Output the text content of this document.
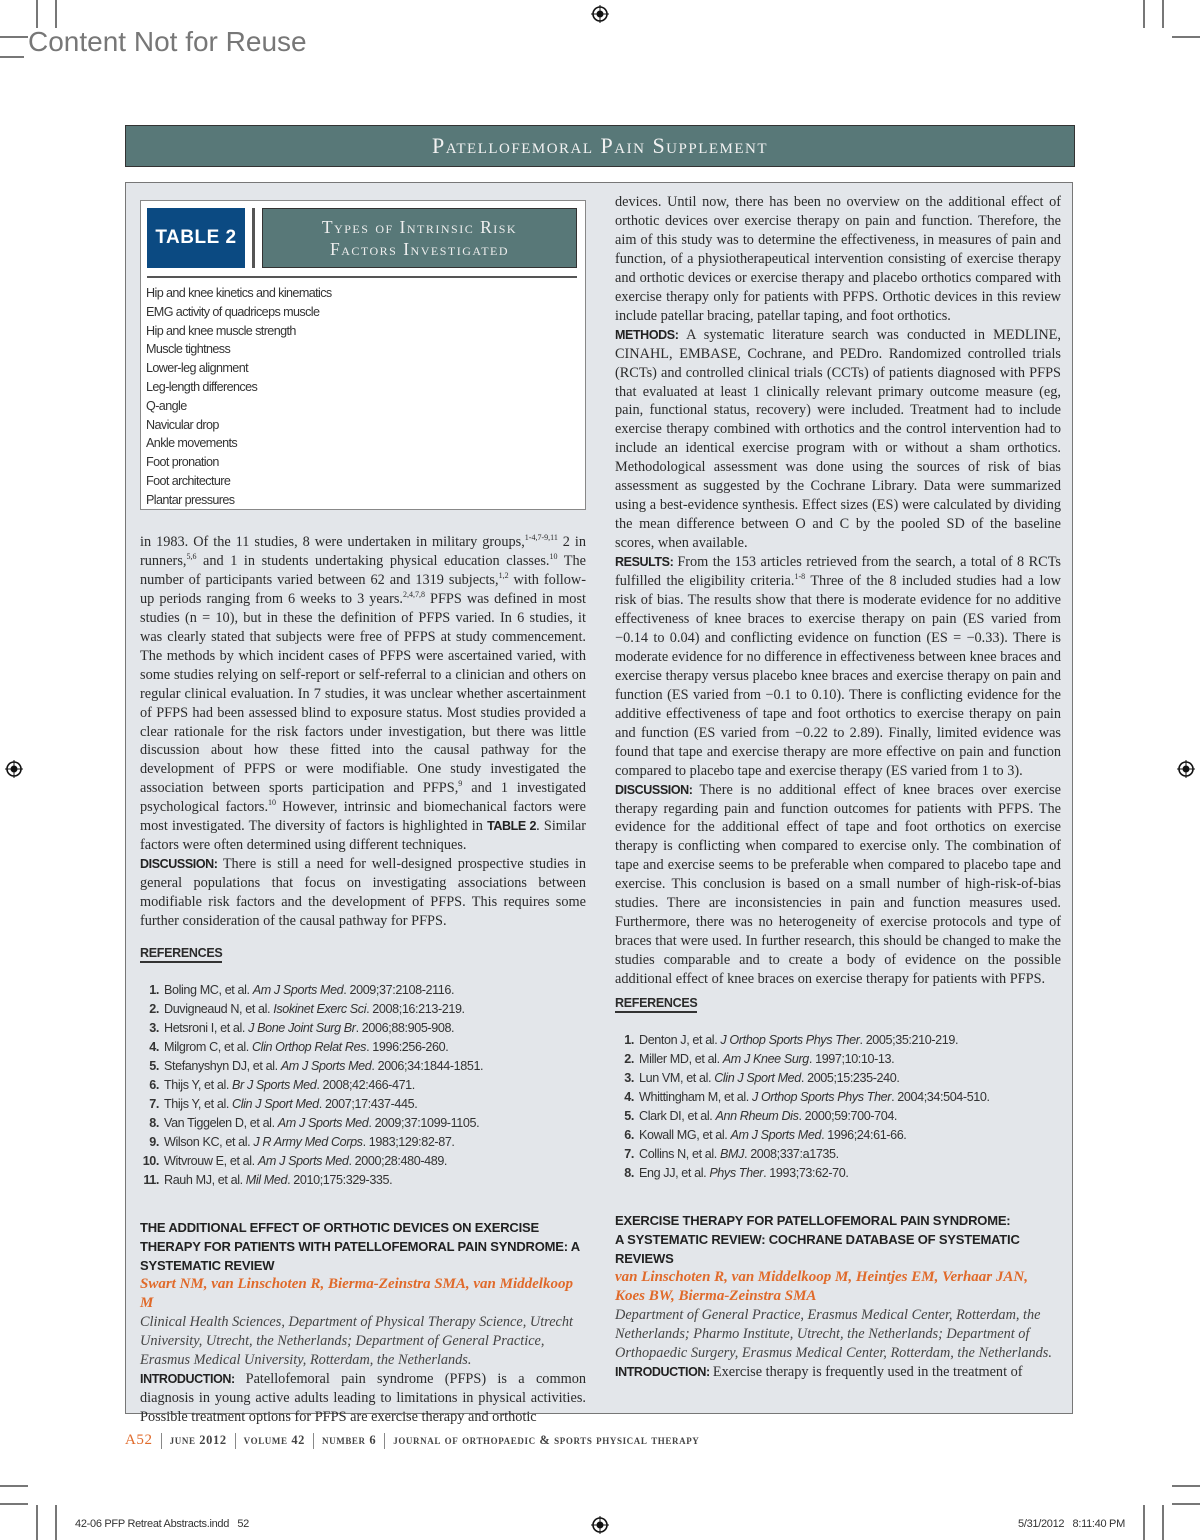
Content Not for Reuse
Patellofemoral Pain Supplement
TABLE 2	Types of Intrinsic Risk
Factors Investigated
Hip and knee kinetics and kinematics
EMG activity of quadriceps muscle
Hip and knee muscle strength
Muscle tightness
Lower-leg alignment
Leg-length differences
Q-angle
Navicular drop
Ankle movements
Foot pronation
Foot architecture
Plantar pressures

in 1983. Of the 11 studies, 8 were undertaken in military groups,$^{1-4,7-9,11}$ 2 in runners,$^{5,6}$ and 1 in students undertaking physical education classes.$^{10}$ The number of participants varied between 62 and 1319 subjects,$^{1,2}$ with follow-up periods ranging from 6 weeks to 3 years.$^{2,4,7,8}$ PFPS was defined in most studies (n = 10), but in these the definition of PFPS varied. In 6 studies, it was clearly stated that subjects were free of PFPS at study commencement. The methods by which incident cases of PFPS were ascertained varied, with some studies relying on self-report or self-referral to a clinician and others on regular clinical evaluation. In 7 studies, it was unclear whether ascertainment of PFPS had been assessed blind to exposure status. Most studies provided a clear rationale for the risk factors under investigation, but there was little discussion about how these fitted into the causal pathway for the development of PFPS or were modifiable. One study investigated the association between sports participation and PFPS,$^9$ and 1 investigated psychological factors.$^{10}$ However, intrinsic and biomechanical factors were most investigated. The diversity of factors is highlighted in TABLE 2. Similar factors were often determined using different techniques.

DISCUSSION: There is still a need for well-designed prospective studies in general populations that focus on investigating associations between modifiable risk factors and the development of PFPS. This requires some further consideration of the causal pathway for PFPS.

REFERENCES
1. Boling MC, et al. Am J Sports Med. 2009;37:2108-2116.
2. Duvigneaud N, et al. Isokinet Exerc Sci. 2008;16:213-219.
3. Hetsroni I, et al. J Bone Joint Surg Br. 2006;88:905-908.
4. Milgrom C, et al. Clin Orthop Relat Res. 1996:256-260.
5. Stefanyshyn DJ, et al. Am J Sports Med. 2006;34:1844-1851.
6. Thijs Y, et al. Br J Sports Med. 2008;42:466-471.
7. Thijs Y, et al. Clin J Sport Med. 2007;17:437-445.
8. Van Tiggelen D, et al. Am J Sports Med. 2009;37:1099-1105.
9. Wilson KC, et al. J R Army Med Corps. 1983;129:82-87.
10. Witvrouw E, et al. Am J Sports Med. 2000;28:480-489.
11. Rauh MJ, et al. Mil Med. 2010;175:329-335.
THE ADDITIONAL EFFECT OF ORTHOTIC DEVICES ON EXERCISE THERAPY FOR PATIENTS WITH PATELLOFEMORAL PAIN SYNDROME: A SYSTEMATIC REVIEW
Swart NM, van Linschoten R, Bierma-Zeinstra SMA, van Middelkoop M
Clinical Health Sciences, Department of Physical Therapy Science, Utrecht University, Utrecht, the Netherlands; Department of General Practice, Erasmus Medical University, Rotterdam, the Netherlands.

INTRODUCTION: Patellofemoral pain syndrome (PFPS) is a common diagnosis in young active adults leading to limitations in physical activities. Possible treatment options for PFPS are exercise therapy and orthotic

devices. Until now, there has been no overview on the additional effect of orthotic devices over exercise therapy on pain and function. Therefore, the aim of this study was to determine the effectiveness, in measures of pain and function, of a physiotherapeutical intervention consisting of exercise therapy and orthotic devices or exercise therapy and placebo orthotics compared with exercise therapy only for patients with PFPS. Orthotic devices in this review include patellar bracing, patellar taping, and foot orthotics.

METHODS: A systematic literature search was conducted in MEDLINE, CINAHL, EMBASE, Cochrane, and PEDro. Randomized controlled trials (RCTs) and controlled clinical trials (CCTs) of patients diagnosed with PFPS that evaluated at least 1 clinically relevant primary outcome measure (eg, pain, functional status, recovery) were included. Treatment had to include exercise therapy combined with orthotics and the control intervention had to include an identical exercise program with or without a sham orthotics. Methodological assessment was done using the sources of risk of bias assessment as suggested by the Cochrane Library. Data were summarized using a best-evidence synthesis. Effect sizes (ES) were calculated by dividing the mean difference between O and C by the pooled SD of the baseline scores, when available.

RESULTS: From the 153 articles retrieved from the search, a total of 8 RCTs fulfilled the eligibility criteria.$^{1-8}$ Three of the 8 included studies had a low risk of bias. The results show that there is moderate evidence for no additive effectiveness of knee braces to exercise therapy on pain (ES varied from −0.14 to 0.04) and conflicting evidence on function (ES = −0.33). There is moderate evidence for no difference in effectiveness between knee braces and exercise therapy versus placebo knee braces and exercise therapy on pain and function (ES varied from −0.1 to 0.10). There is conflicting evidence for the additive effectiveness of tape and foot orthotics to exercise therapy on pain and function (ES varied from −0.22 to 2.89). Finally, limited evidence was found that tape and exercise therapy are more effective on pain and function compared to placebo tape and exercise therapy (ES varied from 1 to 3).

DISCUSSION: There is no additional effect of knee braces over exercise therapy regarding pain and function outcomes for patients with PFPS. The evidence for the additional effect of tape and foot orthotics on exercise therapy is conflicting when compared to exercise only. The combination of tape and exercise seems to be preferable when compared to placebo tape and exercise. This conclusion is based on a small number of high-risk-of-bias studies. There are inconsistencies in pain and function measures used. Furthermore, there was no heterogeneity of exercise protocols and type of braces that were used. In further research, this should be changed to make the studies comparable and to create a body of evidence on the possible additional effect of knee braces on exercise therapy for patients with PFPS.

REFERENCES
1. Denton J, et al. J Orthop Sports Phys Ther. 2005;35:210-219.
2. Miller MD, et al. Am J Knee Surg. 1997;10:10-13.
3. Lun VM, et al. Clin J Sport Med. 2005;15:235-240.
4. Whittingham M, et al. J Orthop Sports Phys Ther. 2004;34:504-510.
5. Clark DI, et al. Ann Rheum Dis. 2000;59:700-704.
6. Kowall MG, et al. Am J Sports Med. 1996;24:61-66.
7. Collins N, et al. BMJ. 2008;337:a1735.
8. Eng JJ, et al. Phys Ther. 1993;73:62-70.
EXERCISE THERAPY FOR PATELLOFEMORAL PAIN SYNDROME:
A SYSTEMATIC REVIEW: COCHRANE DATABASE OF SYSTEMATIC REVIEWS
van Linschoten R, van Middelkoop M, Heintjes EM, Verhaar JAN, Koes BW, Bierma-Zeinstra SMA
Department of General Practice, Erasmus Medical Center, Rotterdam, the Netherlands; Pharmo Institute, Utrecht, the Netherlands; Department of Orthopaedic Surgery, Erasmus Medical Center, Rotterdam, the Netherlands.

INTRODUCTION: Exercise therapy is frequently used in the treatment of

A52 june 2012 volume 42 number 6 journal of orthopaedic & sports physical therapy
42-06 PFP Retreat Abstracts.indd   52	5/31/2012   8:11:40 PM
